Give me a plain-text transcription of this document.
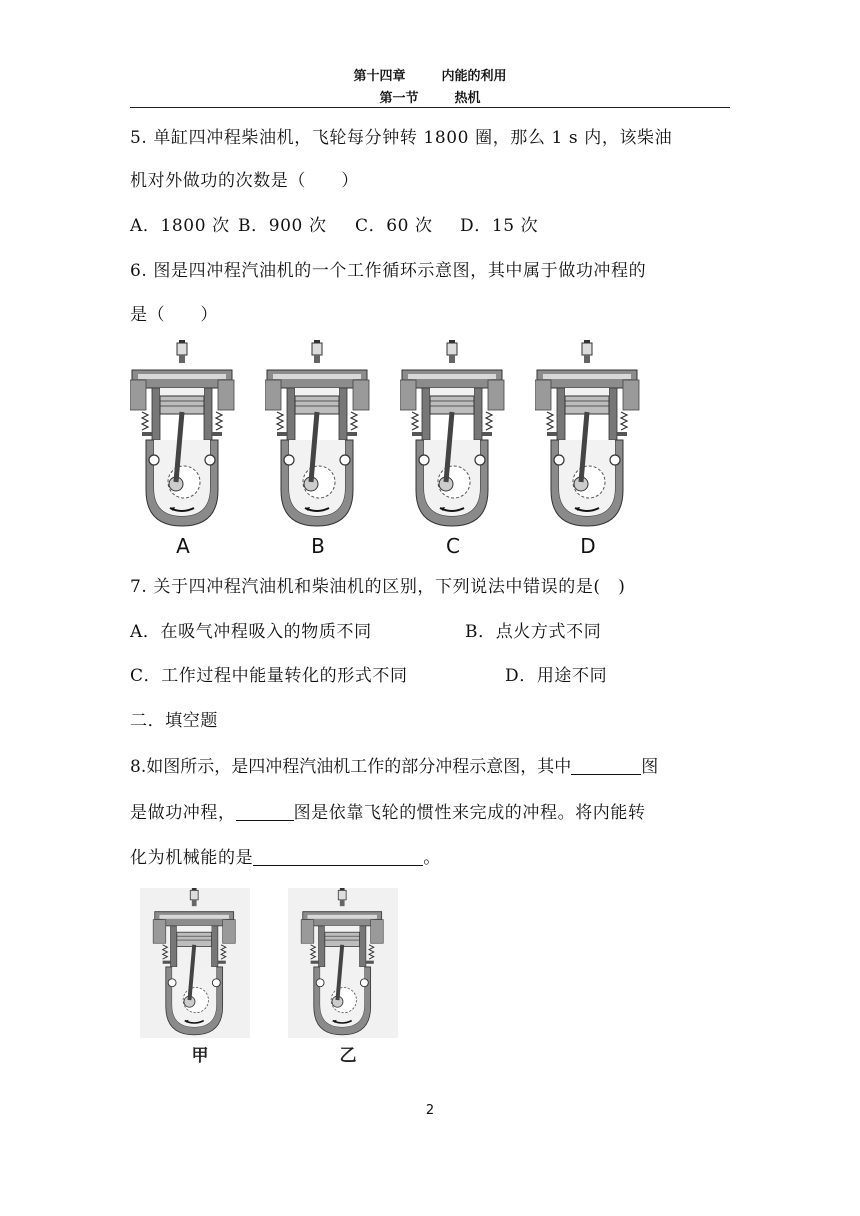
第十四章	内能的利用
第一节	热机
5. 单缸四冲程柴油机，飞轮每分钟转 1800 圈，那么 1 s 内，该柴油
机对外做功的次数是（　　）
A．1800 次 B．900 次 C．60 次 D．15 次
6. 图是四冲程汽油机的一个工作循环示意图，其中属于做功冲程的
是（　　）
A	B	C	D
7. 关于四冲程汽油机和柴油机的区别，下列说法中错误的是(　)
A．在吸气冲程吸入的物质不同	B．点火方式不同
C．工作过程中能量转化的形式不同	D．用途不同
二．填空题
8.如图所示，是四冲程汽油机工作的部分冲程示意图，其中	图
是做功冲程，	图是依靠飞轮的惯性来完成的冲程。将内能转
化为机械能的是	。
甲	乙
2
